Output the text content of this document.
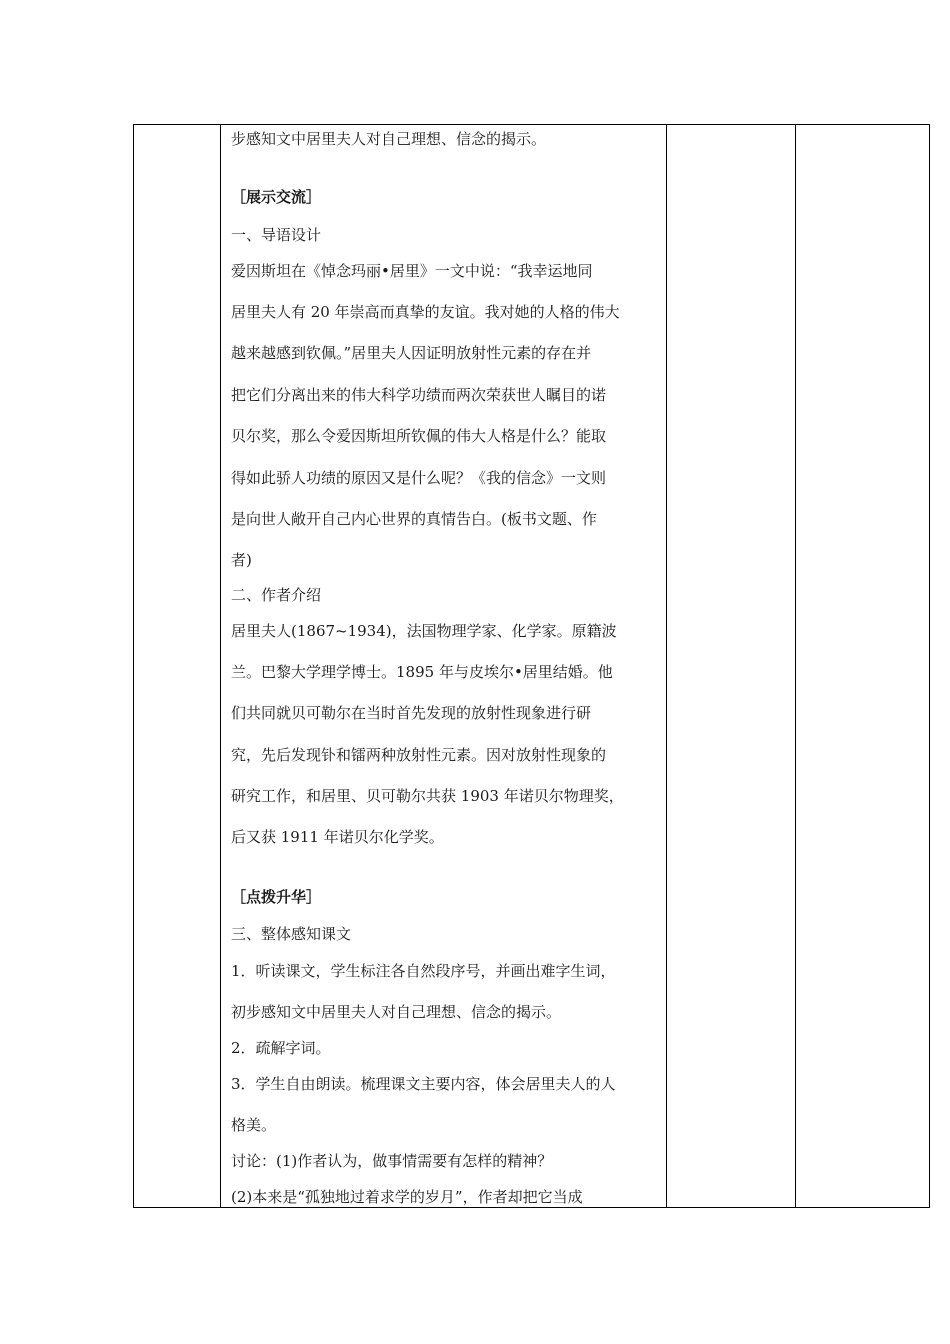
步感知文中居里夫人对自己理想、信念的揭示。
［展示交流］
一、导语设计
爱因斯坦在《悼念玛丽•居里》一文中说：“我幸运地同
居里夫人有 20 年崇高而真挚的友谊。我对她的人格的伟大
越来越感到钦佩。”居里夫人因证明放射性元素的存在并
把它们分离出来的伟大科学功绩而两次荣获世人瞩目的诺
贝尔奖，那么令爱因斯坦所钦佩的伟大人格是什么？能取
得如此骄人功绩的原因又是什么呢？《我的信念》一文则
是向世人敞开自己内心世界的真情告白。(板书文题、作
者)
二、作者介绍
居里夫人(1867~1934)，法国物理学家、化学家。原籍波
兰。巴黎大学理学博士。1895 年与皮埃尔•居里结婚。他
们共同就贝可勒尔在当时首先发现的放射性现象进行研
究，先后发现钋和镭两种放射性元素。因对放射性现象的
研究工作，和居里、贝可勒尔共获 1903 年诺贝尔物理奖，
后又获 1911 年诺贝尔化学奖。
［点拨升华］
三、整体感知课文
1．听读课文，学生标注各自然段序号，并画出难字生词，
初步感知文中居里夫人对自己理想、信念的揭示。
2．疏解字词。
3．学生自由朗读。梳理课文主要内容，体会居里夫人的人
格美。
讨论：(1)作者认为，做事情需要有怎样的精神？
(2)本来是“孤独地过着求学的岁月”，作者却把它当成
